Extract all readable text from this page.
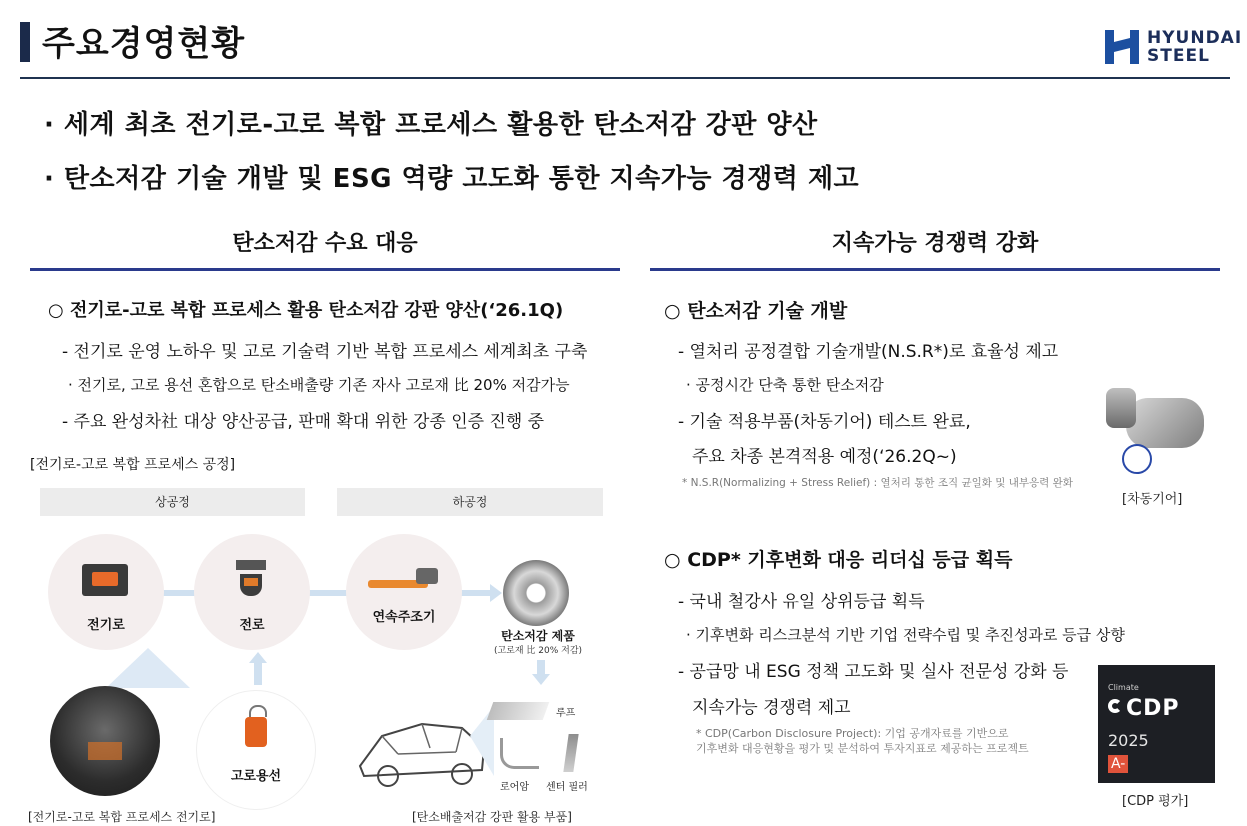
주요경영현황	HYUNDAI
STEEL
· 세계 최초 전기로-고로 복합 프로세스 활용한 탄소저감 강판 양산
· 탄소저감 기술 개발 및 ESG 역량 고도화 통한 지속가능 경쟁력 제고
탄소저감 수요 대응
○ 전기로-고로 복합 프로세스 활용 탄소저감 강판 양산(‘26.1Q)
- 전기로 운영 노하우 및 고로 기술력 기반 복합 프로세스 세계최초 구축
· 전기로, 고로 용선 혼합으로 탄소배출량 기존 자사 고로재 比 20% 저감가능
- 주요 완성차社 대상 양산공급, 판매 확대 위한 강종 인증 진행 중
[전기로-고로 복합 프로세스 공정]
상공정	하공정
전기로	전로
연속주조기
탄소저감 제품
(고로재 比 20% 저감)
고로용선
[전기로-고로 복합 프로세스 전기로]
루프
로어암 센터 필러
[탄소배출저감 강판 활용 부품]
지속가능 경쟁력 강화
○ 탄소저감 기술 개발
- 열처리 공정결합 기술개발(N.S.R*)로 효율성 제고
· 공정시간 단축 통한 탄소저감
- 기술 적용부품(차동기어) 테스트 완료,
주요 차종 본격적용 예정(‘26.2Q~)
* N.S.R(Normalizing + Stress Relief) : 열처리 통한 조직 균일화 및 내부응력 완화
[차동기어]
○ CDP* 기후변화 대응 리더십 등급 획득
- 국내 철강사 유일 상위등급 획득
· 기후변화 리스크분석 기반 기업 전략수립 및 추진성과로 등급 상향
- 공급망 내 ESG 정책 고도화 및 실사 전문성 강화 등
지속가능 경쟁력 제고
* CDP(Carbon Disclosure Project): 기업 공개자료를 기반으로
기후변화 대응현황을 평가 및 분석하여 투자지표로 제공하는 프로젝트
Climate
CDP
2025
A-
[CDP 평가]
